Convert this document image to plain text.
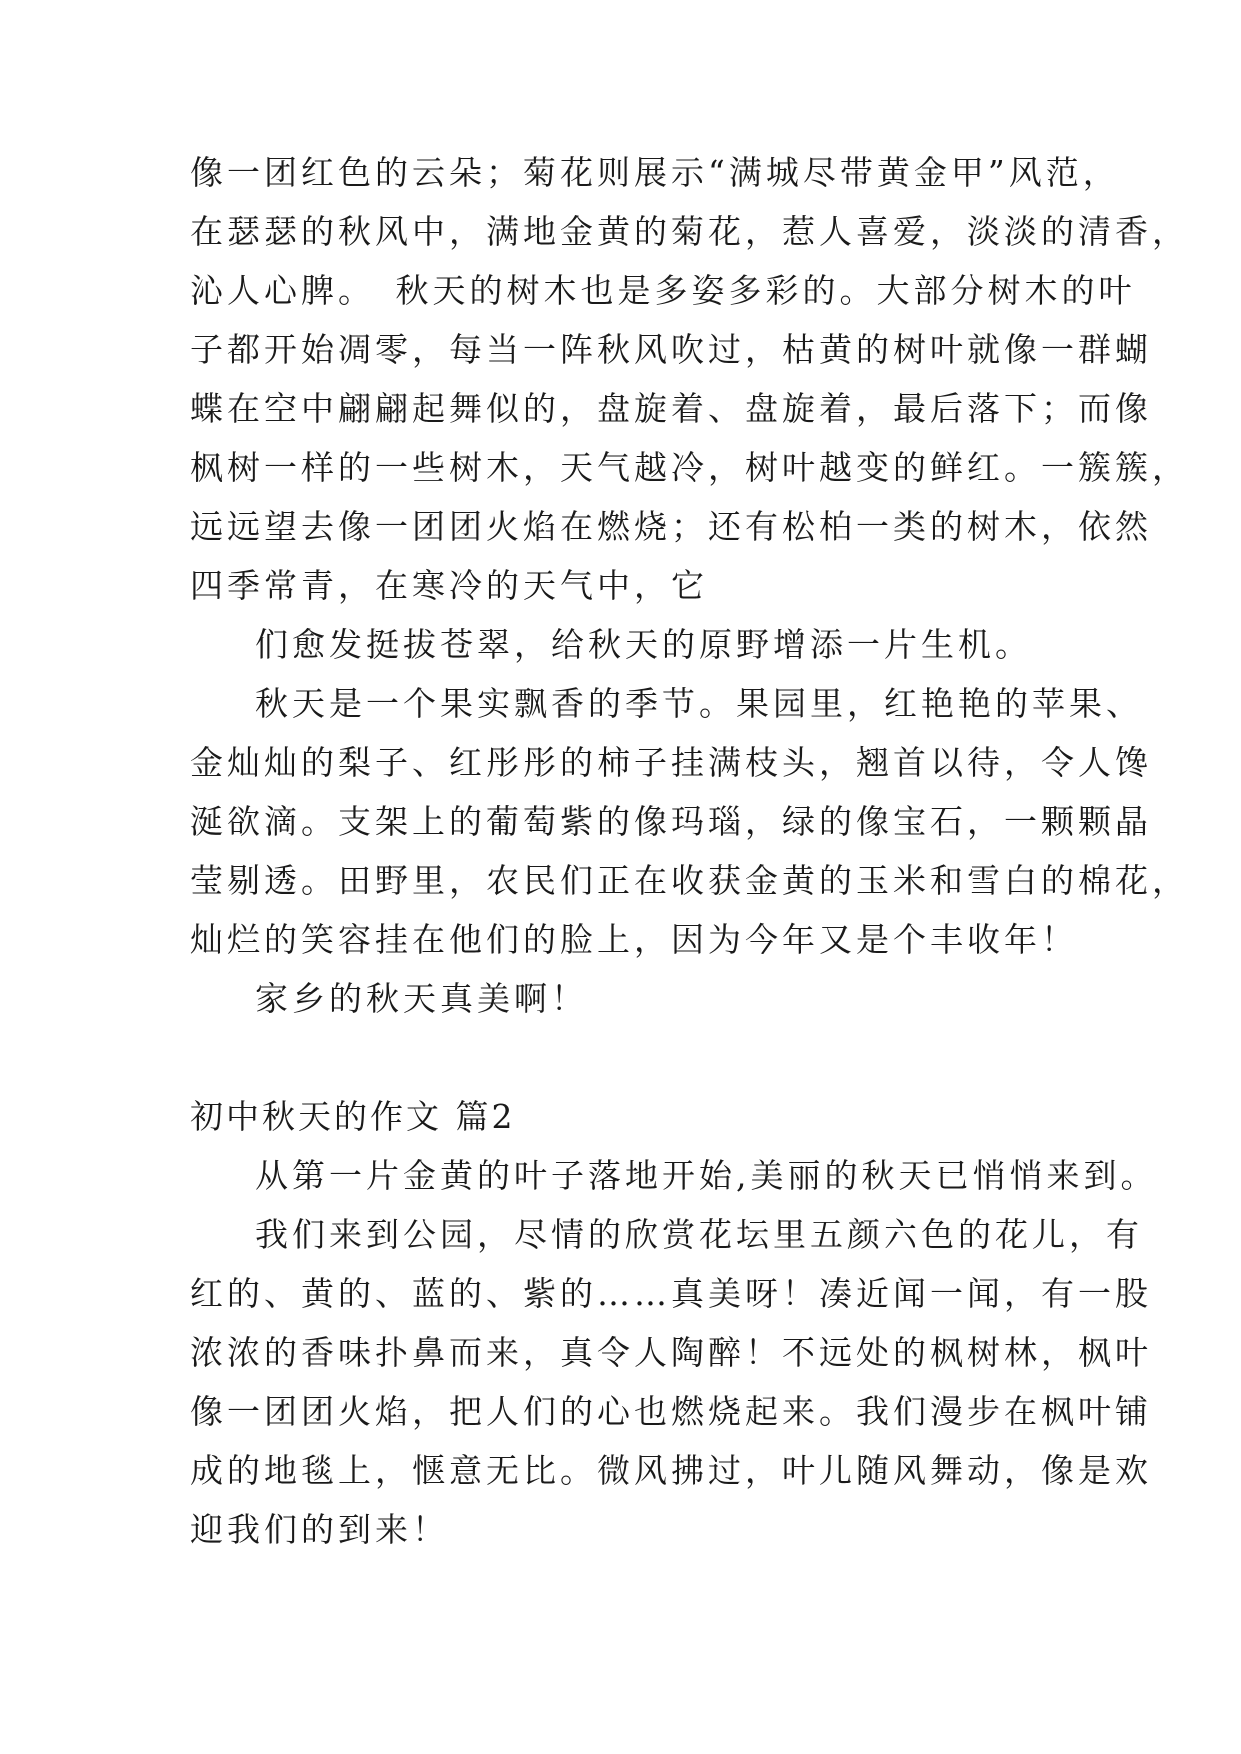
像一团红色的云朵；菊花则展示“满城尽带黄金甲”风范，

在瑟瑟的秋风中，满地金黄的菊花，惹人喜爱，淡淡的清香，

沁人心脾。　秋天的树木也是多姿多彩的。大部分树木的叶

子都开始凋零，每当一阵秋风吹过，枯黄的树叶就像一群蝴

蝶在空中翩翩起舞似的，盘旋着、盘旋着，最后落下；而像

枫树一样的一些树木，天气越冷，树叶越变的鲜红。一簇簇，

远远望去像一团团火焰在燃烧；还有松柏一类的树木，依然

四季常青，在寒冷的天气中，它

们愈发挺拔苍翠，给秋天的原野增添一片生机。

秋天是一个果实飘香的季节。果园里，红艳艳的苹果、

金灿灿的梨子、红彤彤的柿子挂满枝头，翘首以待，令人馋

涎欲滴。支架上的葡萄紫的像玛瑙，绿的像宝石，一颗颗晶

莹剔透。田野里，农民们正在收获金黄的玉米和雪白的棉花，

灿烂的笑容挂在他们的脸上，因为今年又是个丰收年！

家乡的秋天真美啊！

初中秋天的作文 篇2

从第一片金黄的叶子落地开始,美丽的秋天已悄悄来到。

我们来到公园，尽情的欣赏花坛里五颜六色的花儿，有

红的、黄的、蓝的、紫的……真美呀！凑近闻一闻，有一股

浓浓的香味扑鼻而来，真令人陶醉！不远处的枫树林，枫叶

像一团团火焰，把人们的心也燃烧起来。我们漫步在枫叶铺

成的地毯上，惬意无比。微风拂过，叶儿随风舞动，像是欢

迎我们的到来！
